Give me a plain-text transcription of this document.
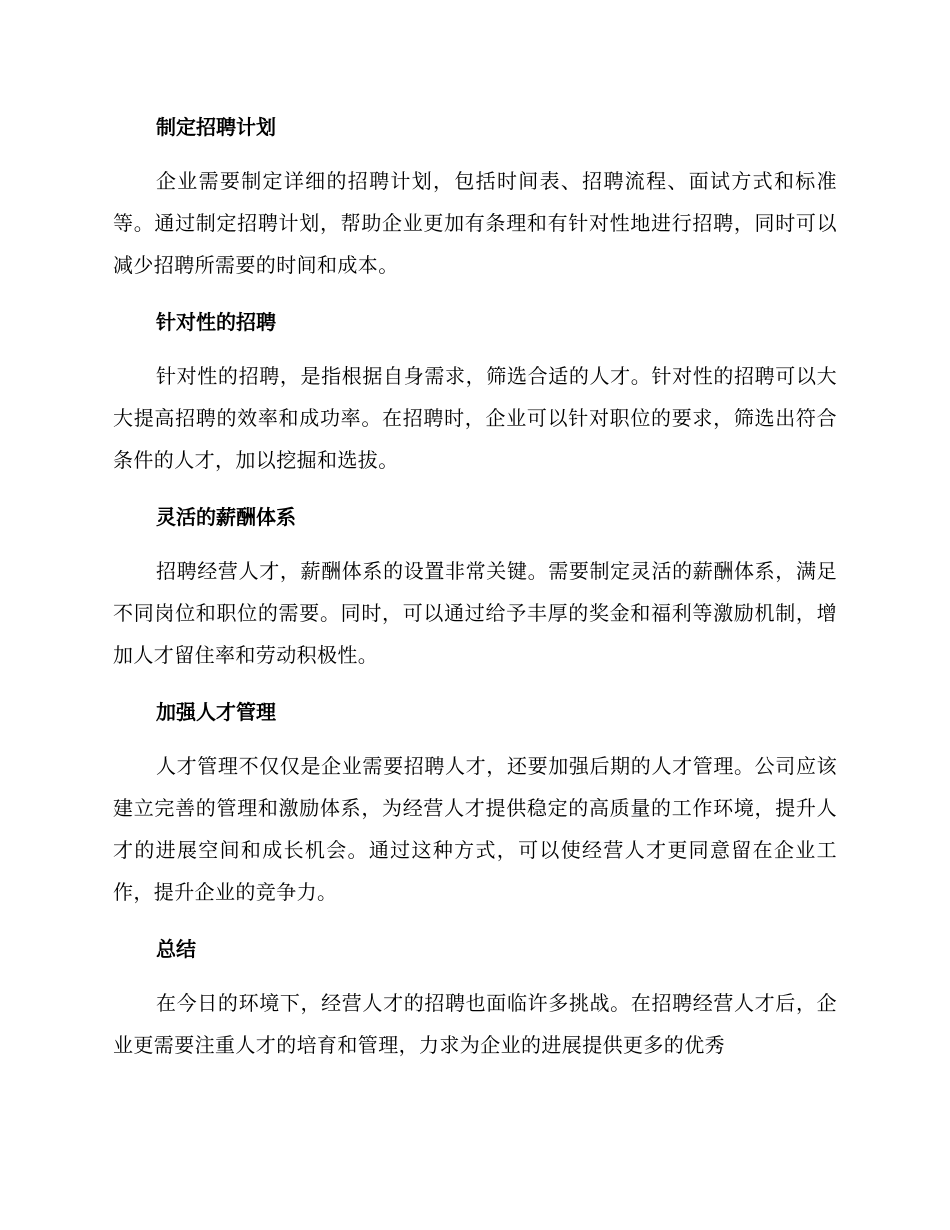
制定招聘计划

企业需要制定详细的招聘计划，包括时间表、招聘流程、面试方式和标准等。通过制定招聘计划，帮助企业更加有条理和有针对性地进行招聘，同时可以减少招聘所需要的时间和成本。

针对性的招聘

针对性的招聘，是指根据自身需求，筛选合适的人才。针对性的招聘可以大大提高招聘的效率和成功率。在招聘时，企业可以针对职位的要求，筛选出符合条件的人才，加以挖掘和选拔。

灵活的薪酬体系

招聘经营人才，薪酬体系的设置非常关键。需要制定灵活的薪酬体系，满足不同岗位和职位的需要。同时，可以通过给予丰厚的奖金和福利等激励机制，增加人才留住率和劳动积极性。

加强人才管理

人才管理不仅仅是企业需要招聘人才，还要加强后期的人才管理。公司应该建立完善的管理和激励体系，为经营人才提供稳定的高质量的工作环境，提升人才的进展空间和成长机会。通过这种方式，可以使经营人才更同意留在企业工作，提升企业的竞争力。

总结

在今日的环境下，经营人才的招聘也面临许多挑战。在招聘经营人才后，企业更需要注重人才的培育和管理，力求为企业的进展提供更多的优秀
